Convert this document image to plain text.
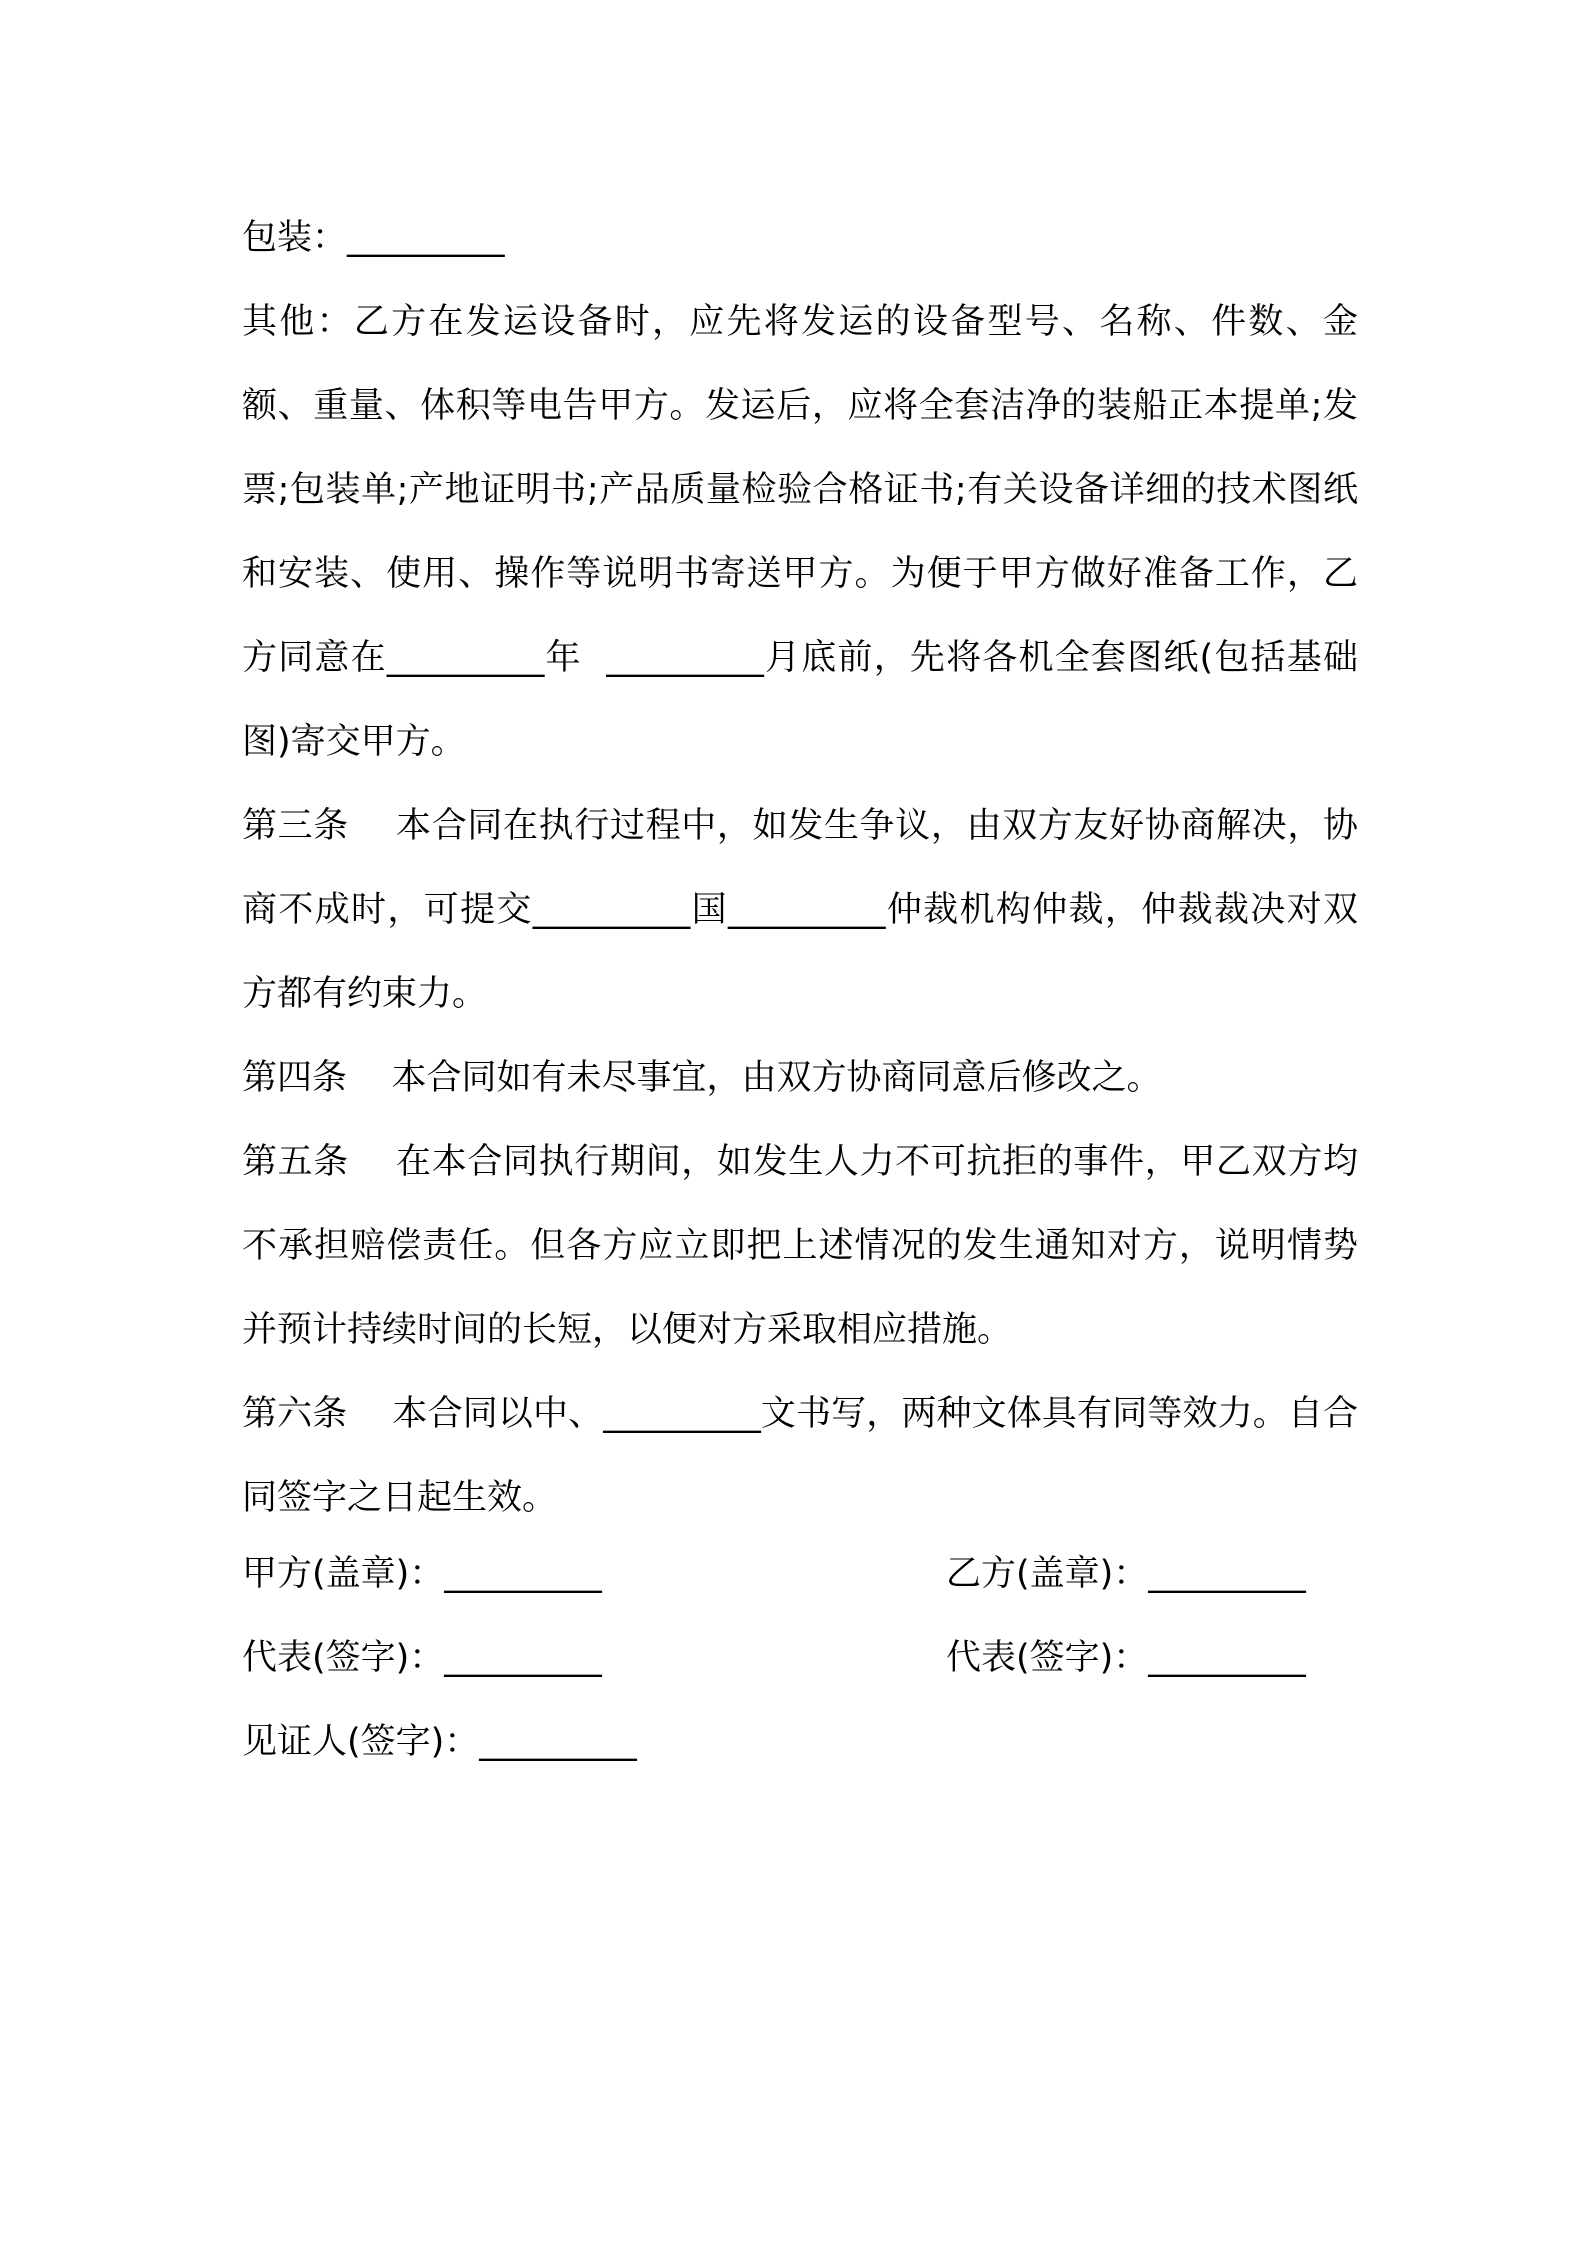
包装：_________

其他：乙方在发运设备时，应先将发运的设备型号、名称、件数、金额、重量、体积等电告甲方。发运后，应将全套洁净的装船正本提单;发票;包装单;产地证明书;产品质量检验合格证书;有关设备详细的技术图纸和安装、使用、操作等说明书寄送甲方。为便于甲方做好准备工作，乙方同意在_________年  _________月底前，先将各机全套图纸(包括基础图)寄交甲方。

第三条    本合同在执行过程中，如发生争议，由双方友好协商解决，协商不成时，可提交_________国_________仲裁机构仲裁，仲裁裁决对双方都有约束力。

第四条    本合同如有未尽事宜，由双方协商同意后修改之。

第五条    在本合同执行期间，如发生人力不可抗拒的事件，甲乙双方均不承担赔偿责任。但各方应立即把上述情况的发生通知对方，说明情势并预计持续时间的长短，以便对方采取相应措施。

第六条    本合同以中、_________文书写，两种文体具有同等效力。自合同签字之日起生效。

甲方(盖章)：_________	乙方(盖章)：_________
代表(签字)：_________	代表(签字)：_________
见证人(签字)：_________
